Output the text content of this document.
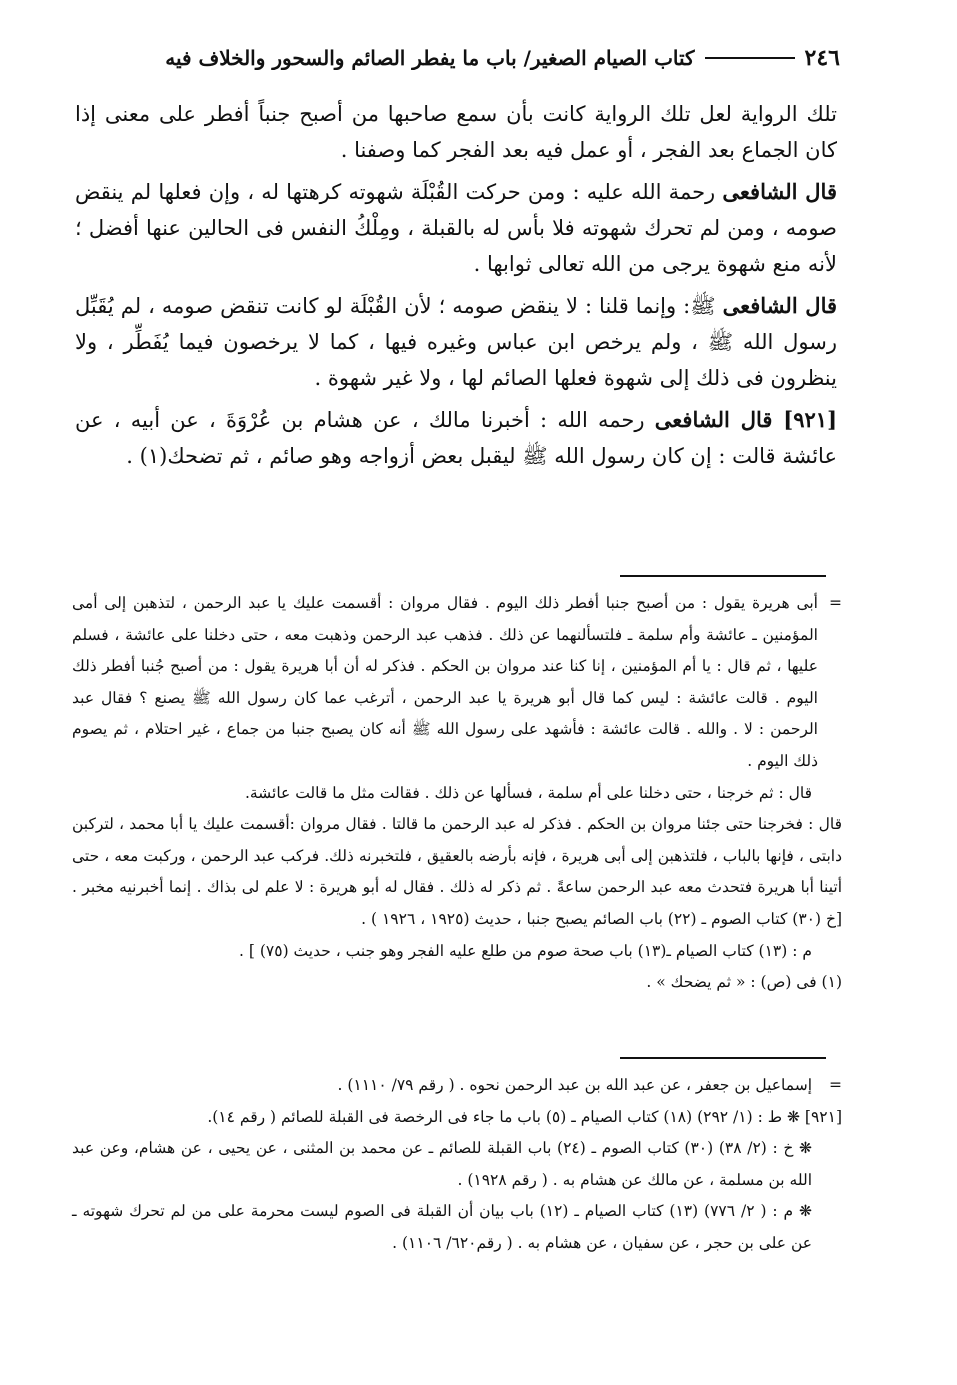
٢٤٦
كتاب الصيام الصغير/ باب ما يفطر الصائم والسحور والخلاف فيه

تلك الرواية لعل تلك الرواية كانت بأن سمع صاحبها من أصبح جنباً أفطر على معنى إذا كان الجماع بعد الفجر ، أو عمل فيه بعد الفجر كما وصفنا .

قال الشافعى رحمة الله عليه : ومن حركت القُبْلَة شهوته كرهتها له ، وإن فعلها لم ينقض صومه ، ومن لم تحرك شهوته فلا بأس له بالقبلة ، ومِلْكُ النفس فى الحالين عنها أفضل ؛ لأنه منع شهوة يرجى من الله تعالى ثوابها .

قال الشافعى ﷺ: وإنما قلنا : لا ينقض صومه ؛ لأن القُبْلَة لو كانت تنقض صومه ، لم يُقَبِّل رسول الله ﷺ ، ولم يرخص ابن عباس وغيره فيها ، كما لا يرخصون فيما يُفَطِّر ، ولا ينظرون فى ذلك إلى شهوة فعلها الصائم لها ، ولا غير شهوة .

[٩٢١] قال الشافعى رحمه الله : أخبرنا مالك ، عن هشام بن عُرْوَةَ ، عن أبيه ، عن عائشة قالت : إن كان رسول الله ﷺ ليقبل بعض أزواجه وهو صائم ، ثم تضحك(١) .

=
أبى هريرة يقول : من أصبح جنبا أفطر ذلك اليوم . فقال مروان : أقسمت عليك يا عبد الرحمن ، لتذهبن إلى أمى المؤمنين ـ عائشة وأم سلمة ـ فلتسألنهما عن ذلك . فذهب عبد الرحمن وذهبت معه ، حتى دخلنا على عائشة ، فسلم عليها ، ثم قال : يا أم المؤمنين ، إنا كنا عند مروان بن الحكم . فذكر له أن أبا هريرة يقول : من أصبح جُنبا أفطر ذلك اليوم . قالت عائشة : ليس كما قال أبو هريرة يا عبد الرحمن ، أترغب عما كان رسول الله ﷺ يصنع ؟ فقال عبد الرحمن : لا . والله . قالت عائشة : فأشهد على رسول الله ﷺ أنه كان يصبح جنبا من جماع ، غير احتلام ، ثم يصوم ذلك اليوم .

قال : ثم خرجنا ، حتى دخلنا على أم سلمة ، فسألها عن ذلك . فقالت مثل ما قالت عائشة.

قال : فخرجنا حتى جئنا مروان بن الحكم . فذكر له عبد الرحمن ما قالتا . فقال مروان :أقسمت عليك يا أبا محمد ، لتركبن دابتى ، فإنها بالباب ، فلتذهبن إلى أبى هريرة ، فإنه بأرضه بالعقيق ، فلتخبرنه ذلك. فركب عبد الرحمن ، وركبت معه ، حتى أتينا أبا هريرة فتحدث معه عبد الرحمن ساعةً . ثم ذكر له ذلك . فقال له أبو هريرة : لا علم لى بذاك . إنما أخبرنيه مخبر .[خ (٣٠) كتاب الصوم ـ (٢٢) باب الصائم يصبح جنبا ، حديث (١٩٢٥ ، ١٩٢٦ ) .

م : (١٣) كتاب الصيام ـ(١٣) باب صحة صوم من طلع عليه الفجر وهو جنب ، حديث (٧٥) ] .

(١) فى (ص) : « ثم يضحك » .

=
إسماعيل بن جعفر ، عن عبد الله بن عبد الرحمن نحوه . ( رقم ٧٩/ ١١١٠) .

[٩٢١] ❋ ط : (١/ ٢٩٢) (١٨) كتاب الصيام ـ (٥) باب ما جاء فى الرخصة فى القبلة للصائم ( رقم ١٤).

❋ خ : (٢/ ٣٨) (٣٠) كتاب الصوم ـ (٢٤) باب القبلة للصائم ـ عن محمد بن المثنى ، عن يحيى ، عن هشام، وعن عبد الله بن مسلمة ، عن مالك عن هشام به . ( رقم ١٩٢٨) .

❋ م : ( ٢/ ٧٧٦) (١٣) كتاب الصيام ـ (١٢) باب بيان أن القبلة فى الصوم ليست محرمة على من لم تحرك شهوته ـ عن على بن حجر ، عن سفيان ، عن هشام به . ( رقم٦٢٠/ ١١٠٦) .
